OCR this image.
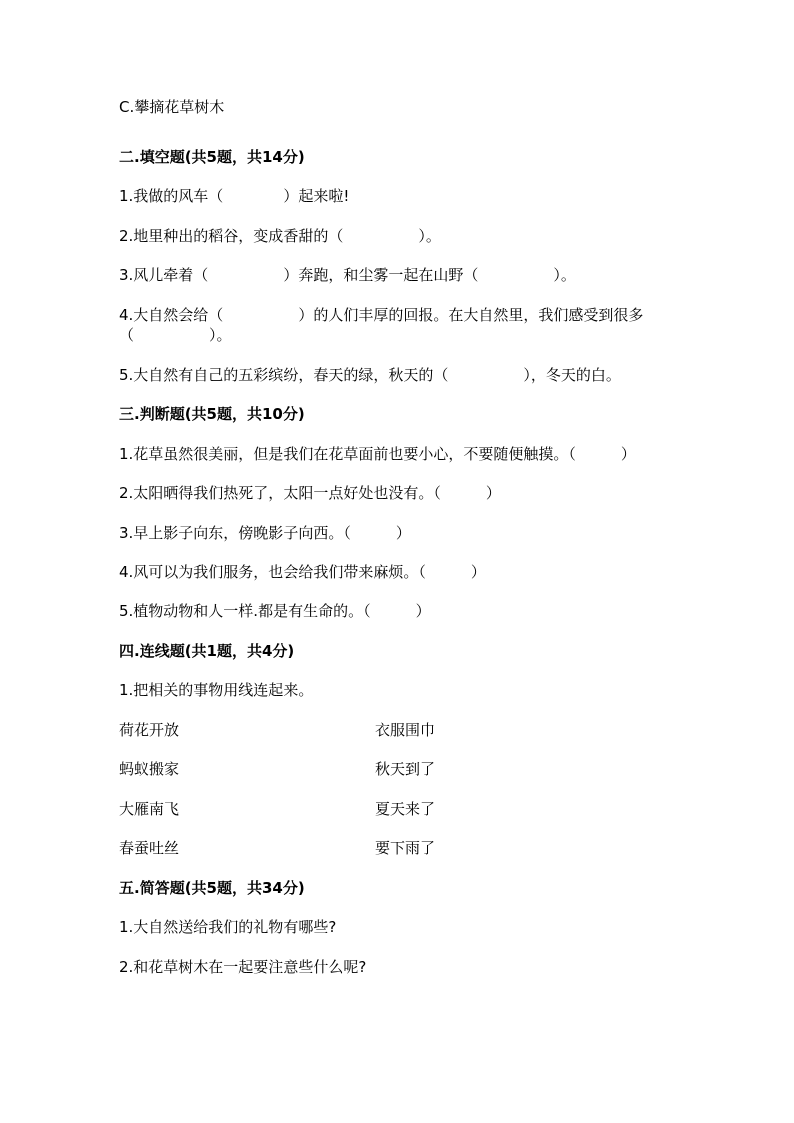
C.攀摘花草树木
二.填空题(共5题，共14分)
1.我做的风车（　　　　）起来啦!
2.地里种出的稻谷，变成香甜的（　　　　　）。
3.风儿牵着（　　　　　）奔跑，和尘雾一起在山野（　　　　　）。
4.大自然会给（　　　　　）的人们丰厚的回报。在大自然里，我们感受到很多
（　　　　　）。
5.大自然有自己的五彩缤纷，春天的绿，秋天的（　　　　　），冬天的白。
三.判断题(共5题，共10分)
1.花草虽然很美丽，但是我们在花草面前也要小心，不要随便触摸。（　　　）
2.太阳晒得我们热死了，太阳一点好处也没有。（　　　）
3.早上影子向东，傍晚影子向西。（　　　）
4.风可以为我们服务，也会给我们带来麻烦。（　　　）
5.植物动物和人一样.都是有生命的。（　　　）
四.连线题(共1题，共4分)
1.把相关的事物用线连起来。
荷花开放	衣服围巾
蚂蚁搬家	秋天到了
大雁南飞	夏天来了
春蚕吐丝	要下雨了
五.简答题(共5题，共34分)
1.大自然送给我们的礼物有哪些?
2.和花草树木在一起要注意些什么呢?
